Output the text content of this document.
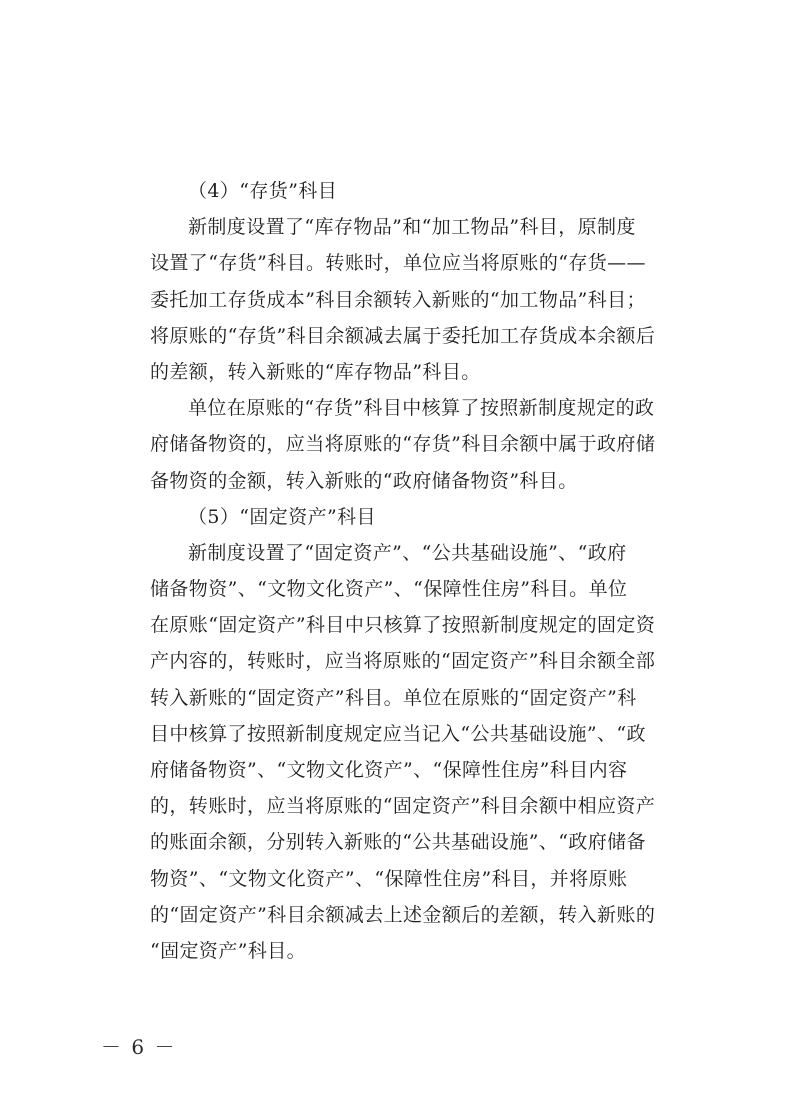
（4）“存货”科目
新制度设置了“库存物品”和“加工物品”科目，原制度
设置了“存货”科目。转账时，单位应当将原账的“存货——
委托加工存货成本”科目余额转入新账的“加工物品”科目；
将原账的“存货”科目余额减去属于委托加工存货成本余额后
的差额，转入新账的“库存物品”科目。
单位在原账的“存货”科目中核算了按照新制度规定的政
府储备物资的，应当将原账的“存货”科目余额中属于政府储
备物资的金额，转入新账的“政府储备物资”科目。
（5）“固定资产”科目
新制度设置了“固定资产”、“公共基础设施”、“政府
储备物资”、“文物文化资产”、“保障性住房”科目。单位
在原账“固定资产”科目中只核算了按照新制度规定的固定资
产内容的，转账时，应当将原账的“固定资产”科目余额全部
转入新账的“固定资产”科目。单位在原账的“固定资产”科
目中核算了按照新制度规定应当记入“公共基础设施”、“政
府储备物资”、“文物文化资产”、“保障性住房”科目内容
的，转账时，应当将原账的“固定资产”科目余额中相应资产
的账面余额，分别转入新账的“公共基础设施”、“政府储备
物资”、“文物文化资产”、“保障性住房”科目，并将原账
的“固定资产”科目余额减去上述金额后的差额，转入新账的
“固定资产”科目。
－ 6 －
